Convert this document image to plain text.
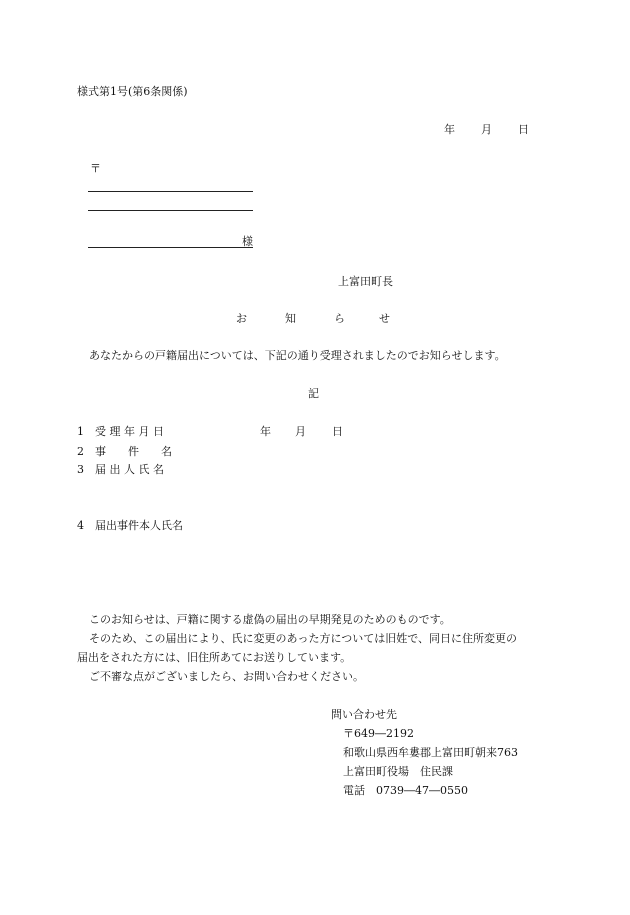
様式第1号(第6条関係)
年 月 日
〒
様
上富田町長
お	知	ら	せ
あなたからの戸籍届出については、下記の通り受理されましたのでお知らせします。
記
1 受 理 年 月 日	年 月 日
2 事　　件　　名
3 届 出 人 氏 名
4 届出事件本人氏名
このお知らせは、戸籍に関する虚偽の届出の早期発見のためのものです。
そのため、この届出により、氏に変更のあった方については旧姓で、同日に住所変更の
届出をされた方には、旧住所あてにお送りしています。
ご不審な点がございましたら、お問い合わせください。
問い合わせ先
〒649―2192
和歌山県西牟婁郡上富田町朝来763
上富田町役場　住民課
電話　0739―47―0550
